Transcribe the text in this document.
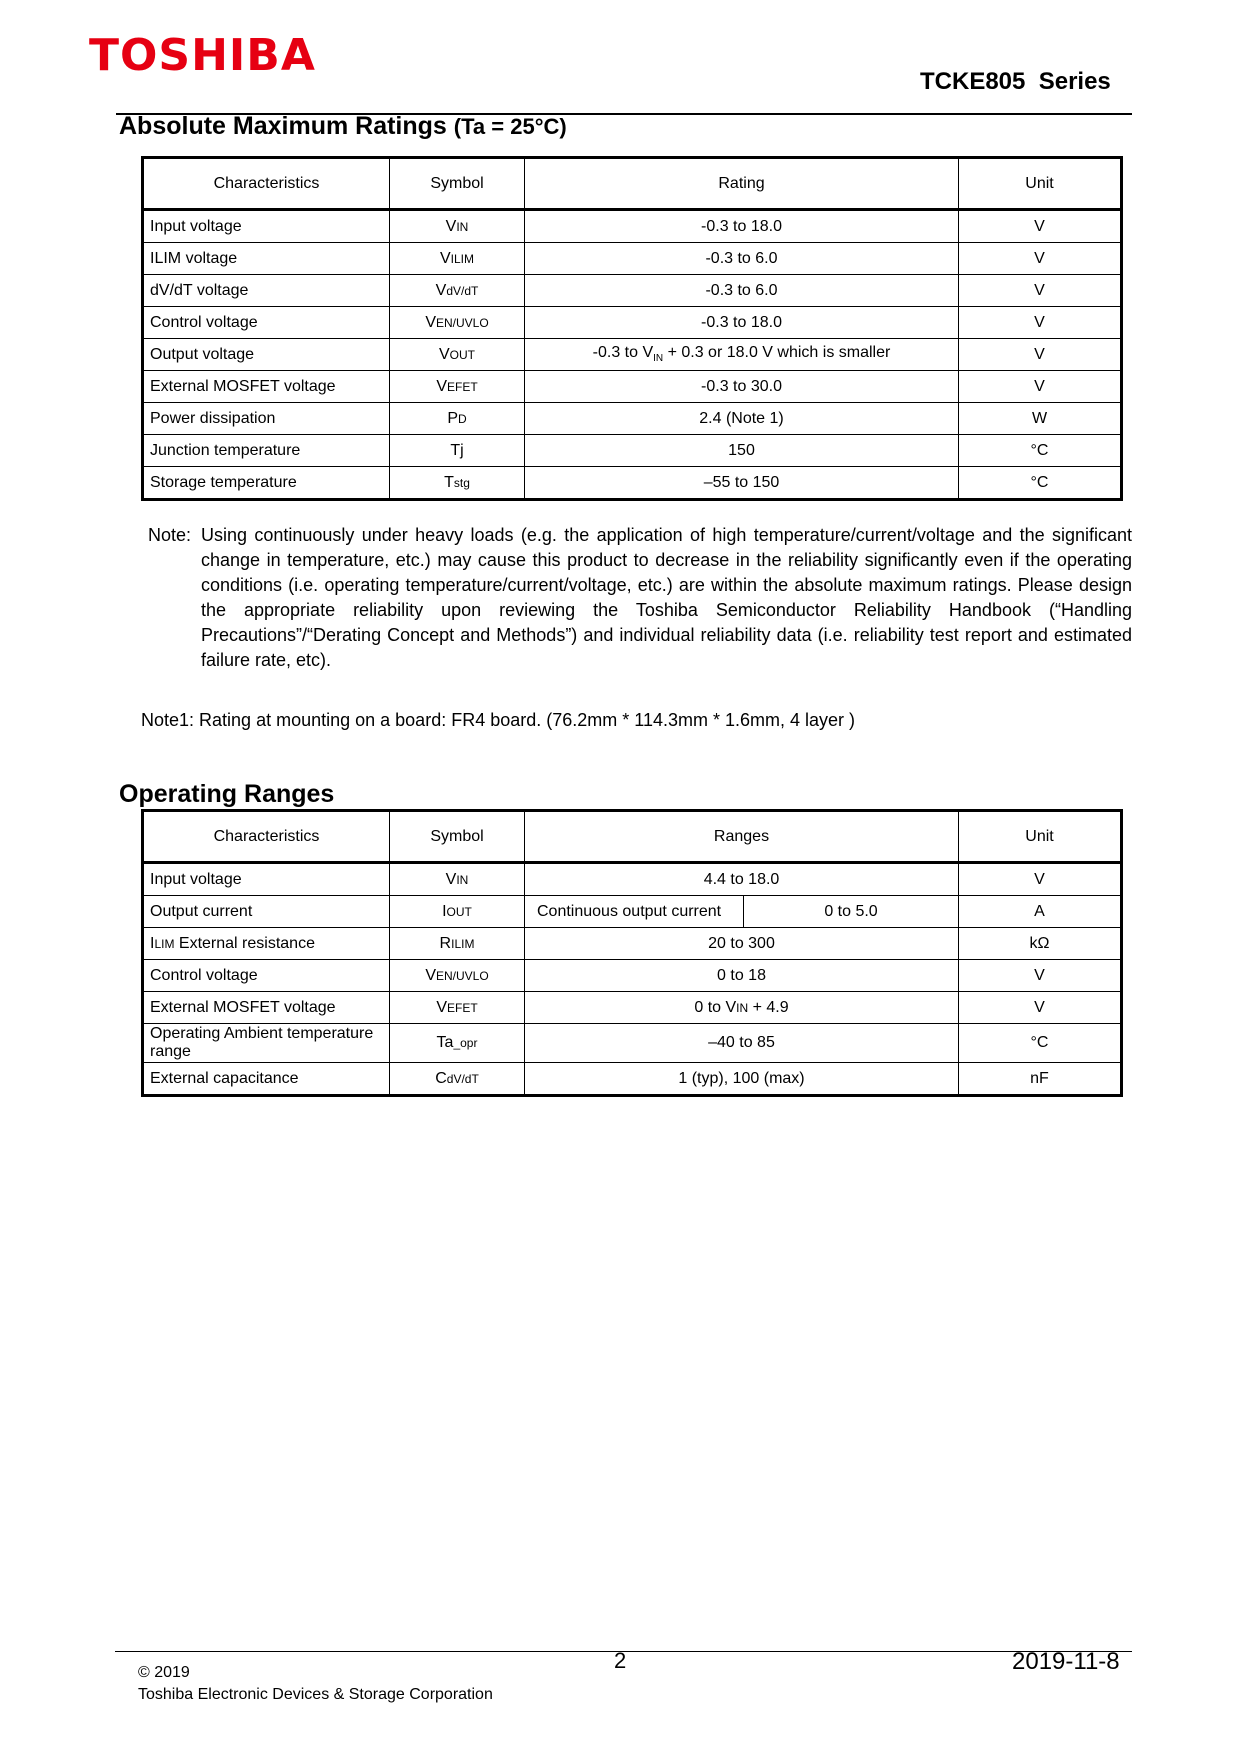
TOSHIBA
TCKE805  Series
Absolute Maximum Ratings (Ta = 25°C)
Characteristics	Symbol	Rating	Unit
Input voltage	VIN	-0.3 to 18.0	V
ILIM voltage	VILIM	-0.3 to 6.0	V
dV/dT voltage	VdV/dT	-0.3 to 6.0	V
Control voltage	VEN/UVLO	-0.3 to 18.0	V
Output voltage	VOUT	-0.3 to $V_{IN} + 0.3$ or 18.0 V which is smaller	V
External MOSFET voltage	VEFET	-0.3 to 30.0	V
Power dissipation	PD	2.4 (Note 1)	W
Junction temperature	Tj	150	°C
Storage temperature	Tstg	–55 to 150	°C
Note: Using continuously under heavy loads (e.g. the application of high temperature/current/voltage and the significant change in temperature, etc.) may cause this product to decrease in the reliability significantly even if the operating conditions (i.e. operating temperature/current/voltage, etc.) are within the absolute maximum ratings. Please design the appropriate reliability upon reviewing the Toshiba Semiconductor Reliability Handbook (“Handling Precautions”/“Derating Concept and Methods”) and individual reliability data (i.e. reliability test report and estimated failure rate, etc).
Note1: Rating at mounting on a board: FR4 board. (76.2mm * 114.3mm * 1.6mm, 4 layer )
Operating Ranges
Characteristics	Symbol	Ranges		Unit
Input voltage	VIN	4.4 to 18.0		V
Output current	IOUT	Continuous output current	0 to 5.0	A
ILIM External resistance	RILIM	20 to 300		kΩ
Control voltage	VEN/UVLO	0 to 18		V
External MOSFET voltage	VEFET	0 to VIN + 4.9		V
Operating Ambient temperature range	Ta_opr	–40 to 85		°C
External capacitance	CdV/dT	1 (typ), 100 (max)		nF
© 2019
Toshiba Electronic Devices & Storage Corporation
2	2019-11-8
